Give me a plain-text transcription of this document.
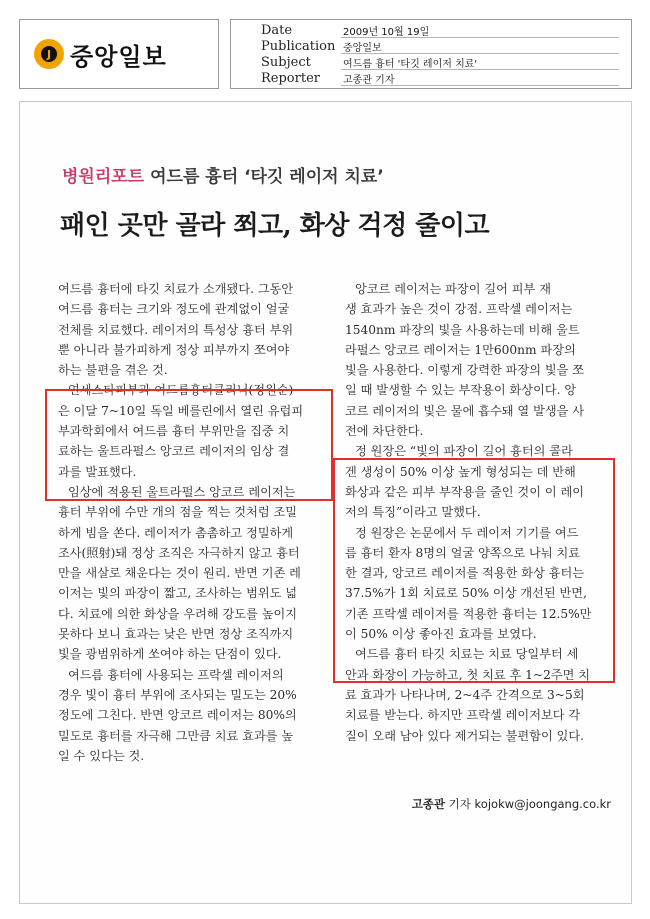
J 중앙일보
Date	2009년 10월 19일
Publication 중앙일보
Subject	여드름 흉터 '타깃 레이저 치료'
Reporter	고종관 기자
병원리포트 여드름 흉터 ‘타깃 레이저 치료’
패인 곳만 골라 쬐고, 화상 걱정 줄이고
여드름 흉터에 타깃 치료가 소개됐다. 그동안
여드름 흉터는 크기와 정도에 관계없이 얼굴
전체를 치료했다. 레이저의 특성상 흉터 부위
뿐 아니라 불가피하게 정상 피부까지 쪼여야
하는 불편을 겪은 것.
연세스타피부과 여드름흉터클리닉(정원순)
은 이달 7~10일 독일 베를린에서 열린 유럽피
부과학회에서 여드름 흉터 부위만을 집중 치
료하는 울트라펄스 앙코르 레이저의 임상 결
과를 발표했다.
임상에 적용된 울트라펄스 앙코르 레이저는
흉터 부위에 수만 개의 점을 찍는 것처럼 조밀
하게 빔을 쏜다. 레이저가 촘촘하고 정밀하게
조사(照射)돼 정상 조직은 자극하지 않고 흉터
만을 새살로 채운다는 것이 원리. 반면 기존 레
이저는 빛의 파장이 짧고, 조사하는 범위도 넓
다. 치료에 의한 화상을 우려해 강도를 높이지
못하다 보니 효과는 낮은 반면 정상 조직까지
빛을 광범위하게 쏘여야 하는 단점이 있다.
여드름 흉터에 사용되는 프락셀 레이저의
경우 빛이 흉터 부위에 조사되는 밀도는 20%
정도에 그친다. 반면 앙코르 레이저는 80%의
밀도로 흉터를 자극해 그만큼 치료 효과를 높
일 수 있다는 것.
앙코르 레이저는 파장이 길어 피부 재
생 효과가 높은 것이 강점. 프락셀 레이저는
1540nm 파장의 빛을 사용하는데 비해 울트
라펄스 앙코르 레이저는 1만600nm 파장의
빛을 사용한다. 이렇게 강력한 파장의 빛을 쪼
일 때 발생할 수 있는 부작용이 화상이다. 앙
코르 레이저의 빛은 물에 흡수돼 열 발생을 사
전에 차단한다.
정 원장은 “빛의 파장이 길어 흉터의 콜라
겐 생성이 50% 이상 높게 형성되는 데 반해
화상과 같은 피부 부작용을 줄인 것이 이 레이
저의 특징”이라고 말했다.
정 원장은 논문에서 두 레이저 기기를 여드
름 흉터 환자 8명의 얼굴 양쪽으로 나눠 치료
한 결과, 앙코르 레이저를 적용한 화상 흉터는
37.5%가 1회 치료로 50% 이상 개선된 반면,
기존 프락셀 레이저를 적용한 흉터는 12.5%만
이 50% 이상 좋아진 효과를 보였다.
여드름 흉터 타깃 치료는 치료 당일부터 세
안과 화장이 가능하고, 첫 치료 후 1~2주면 치
료 효과가 나타나며, 2~4주 간격으로 3~5회
치료를 받는다. 하지만 프락셀 레이저보다 각
질이 오래 남아 있다 제거되는 불편함이 있다.
고종관 기자 kojokw@joongang.co.kr
